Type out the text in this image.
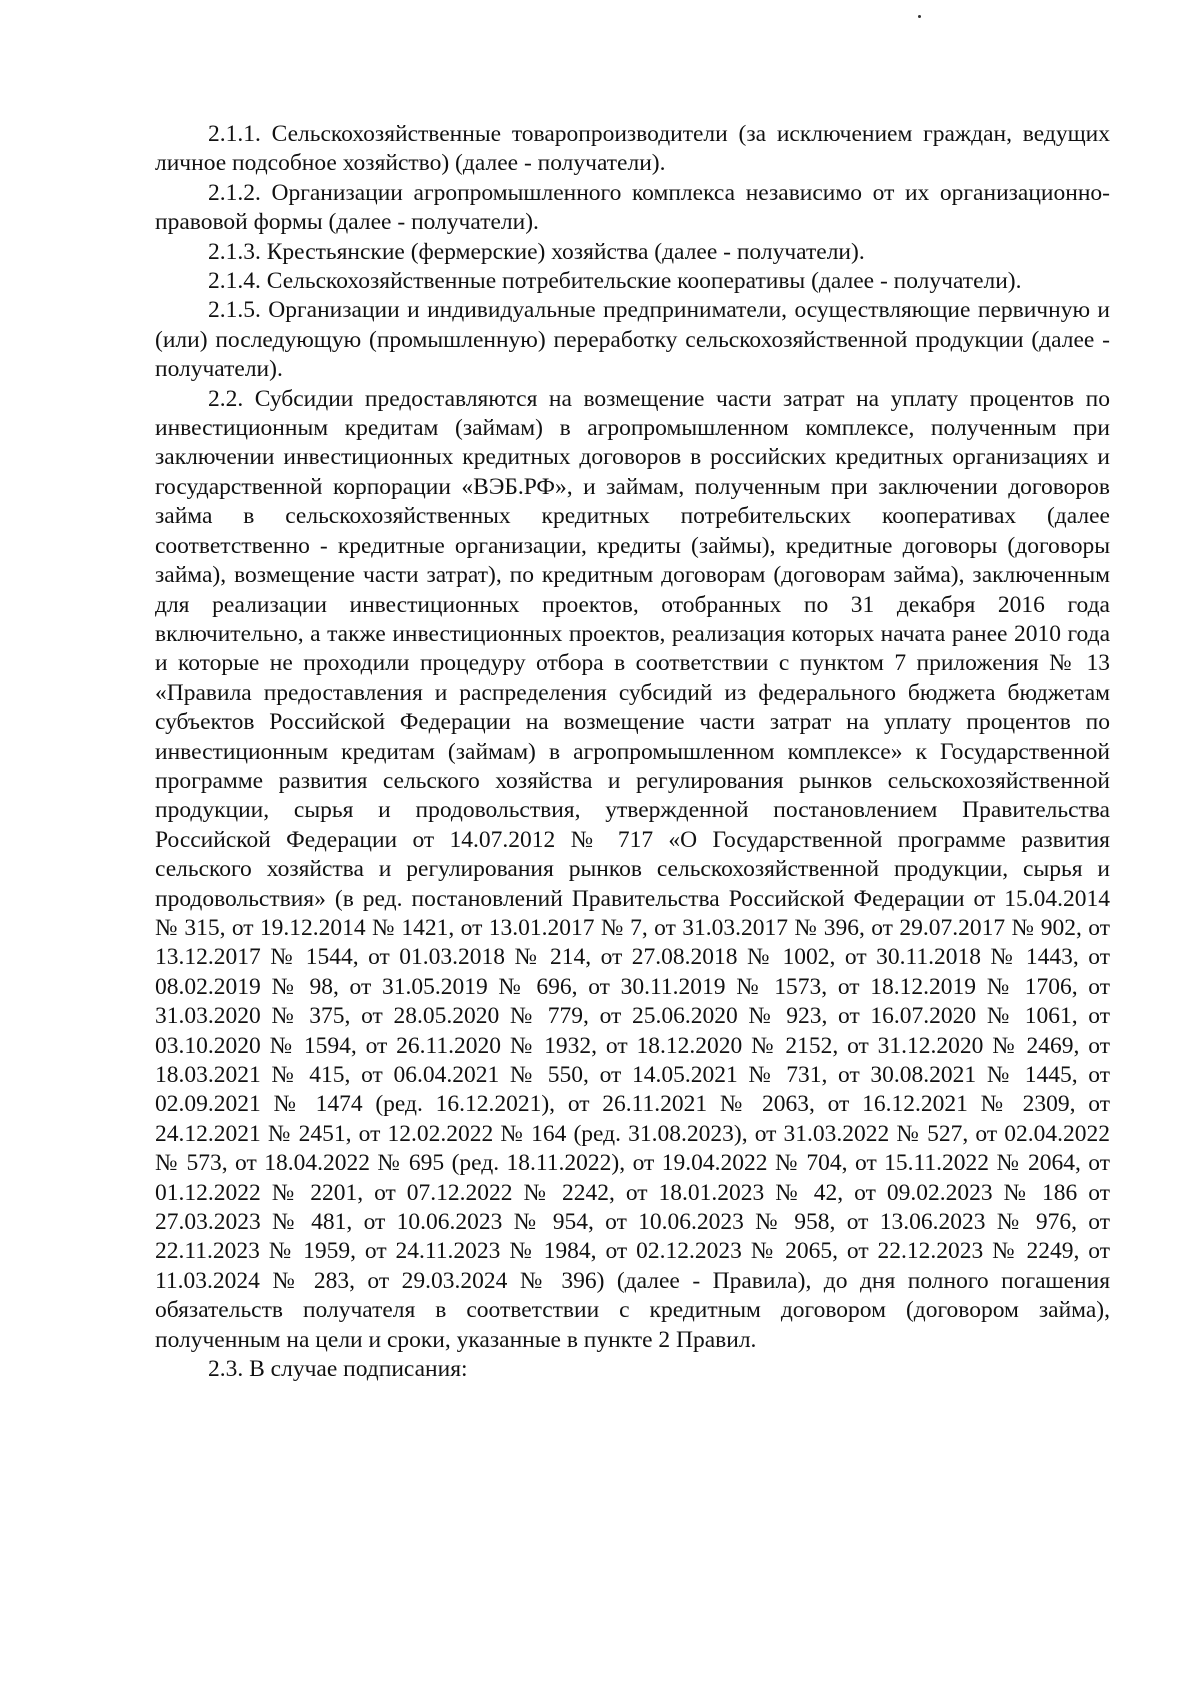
2.1.1. Сельскохозяйственные товаропроизводители (за исключением граждан, ведущих личное подсобное хозяйство) (далее - получатели).

2.1.2. Организации агропромышленного комплекса независимо от их организационно-правовой формы (далее - получатели).

2.1.3. Крестьянские (фермерские) хозяйства (далее - получатели).

2.1.4. Сельскохозяйственные потребительские кооперативы (далее - получатели).

2.1.5. Организации и индивидуальные предприниматели, осуществляющие первичную и (или) последующую (промышленную) переработку сельскохозяйственной продукции (далее - получатели).

2.2. Субсидии предоставляются на возмещение части затрат на уплату процентов по инвестиционным кредитам (займам) в агропромышленном комплексе, полученным при заключении инвестиционных кредитных договоров в российских кредитных организациях и государственной корпорации «ВЭБ.РФ», и займам, полученным при заключении договоров займа в сельскохозяйственных кредитных потребительских кооперативах (далее соответственно - кредитные организации, кредиты (займы), кредитные договоры (договоры займа), возмещение части затрат), по кредитным договорам (договорам займа), заключенным для реализации инвестиционных проектов, отобранных по 31 декабря 2016 года включительно, а также инвестиционных проектов, реализация которых начата ранее 2010 года и которые не проходили процедуру отбора в соответствии с пунктом 7 приложения № 13 «Правила предоставления и распределения субсидий из федерального бюджета бюджетам субъектов Российской Федерации на возмещение части затрат на уплату процентов по инвестиционным кредитам (займам) в агропромышленном комплексе» к Государственной программе развития сельского хозяйства и регулирования рынков сельскохозяйственной продукции, сырья и продовольствия, утвержденной постановлением Правительства Российской Федерации от 14.07.2012 № 717 «О Государственной программе развития сельского хозяйства и регулирования рынков сельскохозяйственной продукции, сырья и продовольствия» (в ред. постановлений Правительства Российской Федерации от 15.04.2014 № 315, от 19.12.2014 № 1421, от 13.01.2017 № 7, от 31.03.2017 № 396, от 29.07.2017 № 902, от 13.12.2017 № 1544, от 01.03.2018 № 214, от 27.08.2018 № 1002, от 30.11.2018 № 1443, от 08.02.2019 № 98, от 31.05.2019 № 696, от 30.11.2019 № 1573, от 18.12.2019 № 1706, от 31.03.2020 № 375, от 28.05.2020 № 779, от 25.06.2020 № 923, от 16.07.2020 № 1061, от 03.10.2020 № 1594, от 26.11.2020 № 1932, от 18.12.2020 № 2152, от 31.12.2020 № 2469, от 18.03.2021 № 415, от 06.04.2021 № 550, от 14.05.2021 № 731, от 30.08.2021 № 1445, от 02.09.2021 № 1474 (ред. 16.12.2021), от 26.11.2021 № 2063, от 16.12.2021 № 2309, от 24.12.2021 № 2451, от 12.02.2022 № 164 (ред. 31.08.2023), от 31.03.2022 № 527, от 02.04.2022 № 573, от 18.04.2022 № 695 (ред. 18.11.2022), от 19.04.2022 № 704, от 15.11.2022 № 2064, от 01.12.2022 № 2201, от 07.12.2022 № 2242, от 18.01.2023 № 42, от 09.02.2023 № 186 от 27.03.2023 № 481, от 10.06.2023 № 954, от 10.06.2023 № 958, от 13.06.2023 № 976, от 22.11.2023 № 1959, от 24.11.2023 № 1984, от 02.12.2023 № 2065, от 22.12.2023 № 2249, от 11.03.2024 № 283, от 29.03.2024 № 396) (далее - Правила), до дня полного погашения обязательств получателя в соответствии с кредитным договором (договором займа), полученным на цели и сроки, указанные в пункте 2 Правил.

2.3. В случае подписания:
